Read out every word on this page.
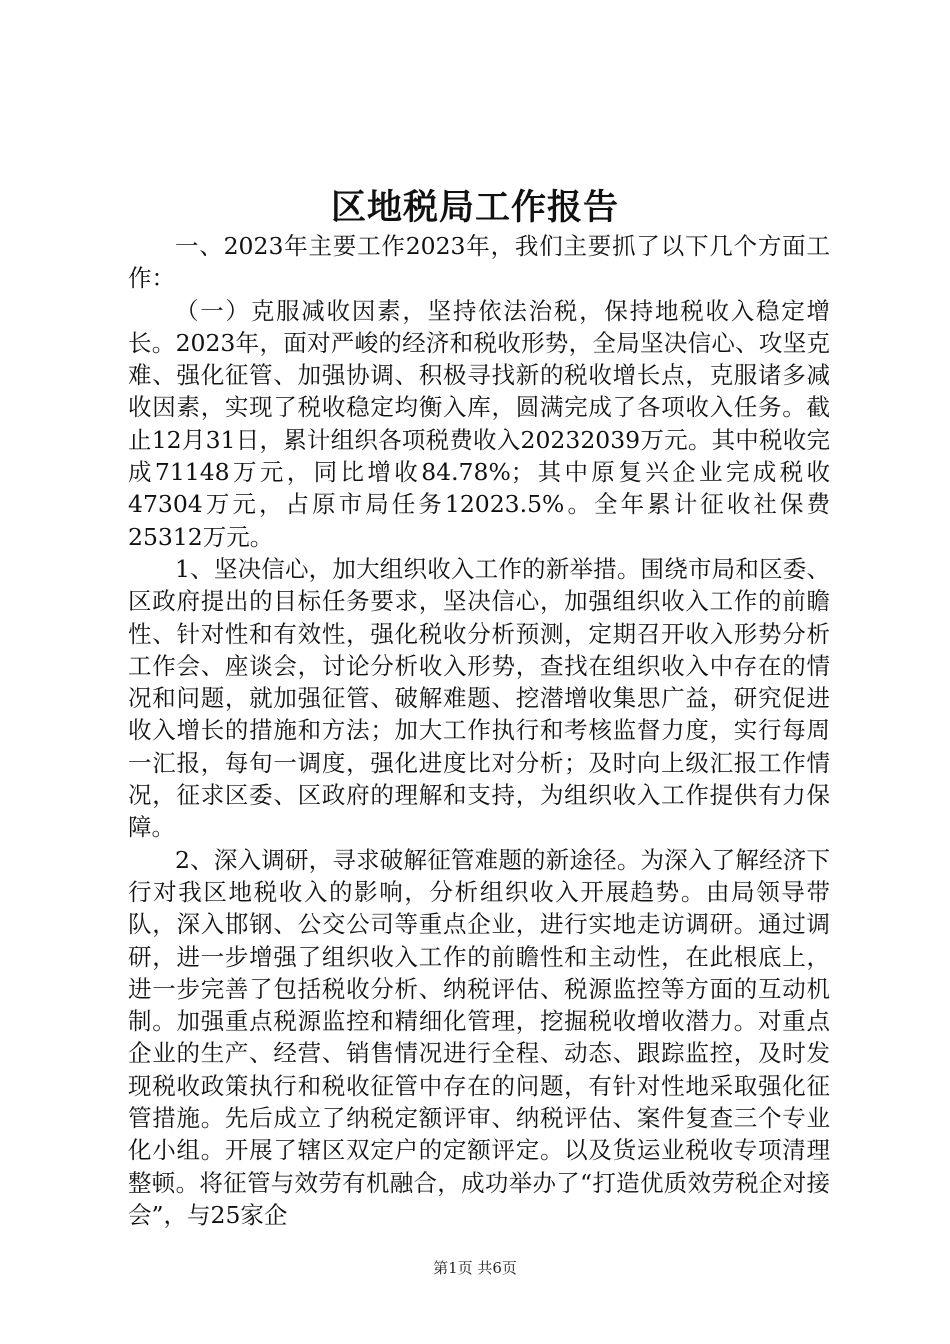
区地税局工作报告

一、2023年主要工作2023年，我们主要抓了以下几个方面工作：

（一）克服减收因素，坚持依法治税，保持地税收入稳定增长。2023年，面对严峻的经济和税收形势，全局坚决信心、攻坚克难、强化征管、加强协调、积极寻找新的税收增长点，克服诸多减收因素，实现了税收稳定均衡入库，圆满完成了各项收入任务。截止12月31日，累计组织各项税费收入20232039万元。其中税收完成71148万元，同比增收84.78%；其中原复兴企业完成税收47304万元，占原市局任务12023.5%。全年累计征收社保费25312万元。

1、坚决信心，加大组织收入工作的新举措。围绕市局和区委、区政府提出的目标任务要求，坚决信心，加强组织收入工作的前瞻性、针对性和有效性，强化税收分析预测，定期召开收入形势分析工作会、座谈会，讨论分析收入形势，查找在组织收入中存在的情况和问题，就加强征管、破解难题、挖潜增收集思广益，研究促进收入增长的措施和方法；加大工作执行和考核监督力度，实行每周一汇报，每旬一调度，强化进度比对分析；及时向上级汇报工作情况，征求区委、区政府的理解和支持，为组织收入工作提供有力保障。

2、深入调研，寻求破解征管难题的新途径。为深入了解经济下行对我区地税收入的影响，分析组织收入开展趋势。由局领导带队，深入邯钢、公交公司等重点企业，进行实地走访调研。通过调研，进一步增强了组织收入工作的前瞻性和主动性，在此根底上，进一步完善了包括税收分析、纳税评估、税源监控等方面的互动机制。加强重点税源监控和精细化管理，挖掘税收增收潜力。对重点企业的生产、经营、销售情况进行全程、动态、跟踪监控，及时发现税收政策执行和税收征管中存在的问题，有针对性地采取强化征管措施。先后成立了纳税定额评审、纳税评估、案件复查三个专业化小组。开展了辖区双定户的定额评定。以及货运业税收专项清理整顿。将征管与效劳有机融合，成功举办了“打造优质效劳税企对接会”，与25家企

第1页 共6页
